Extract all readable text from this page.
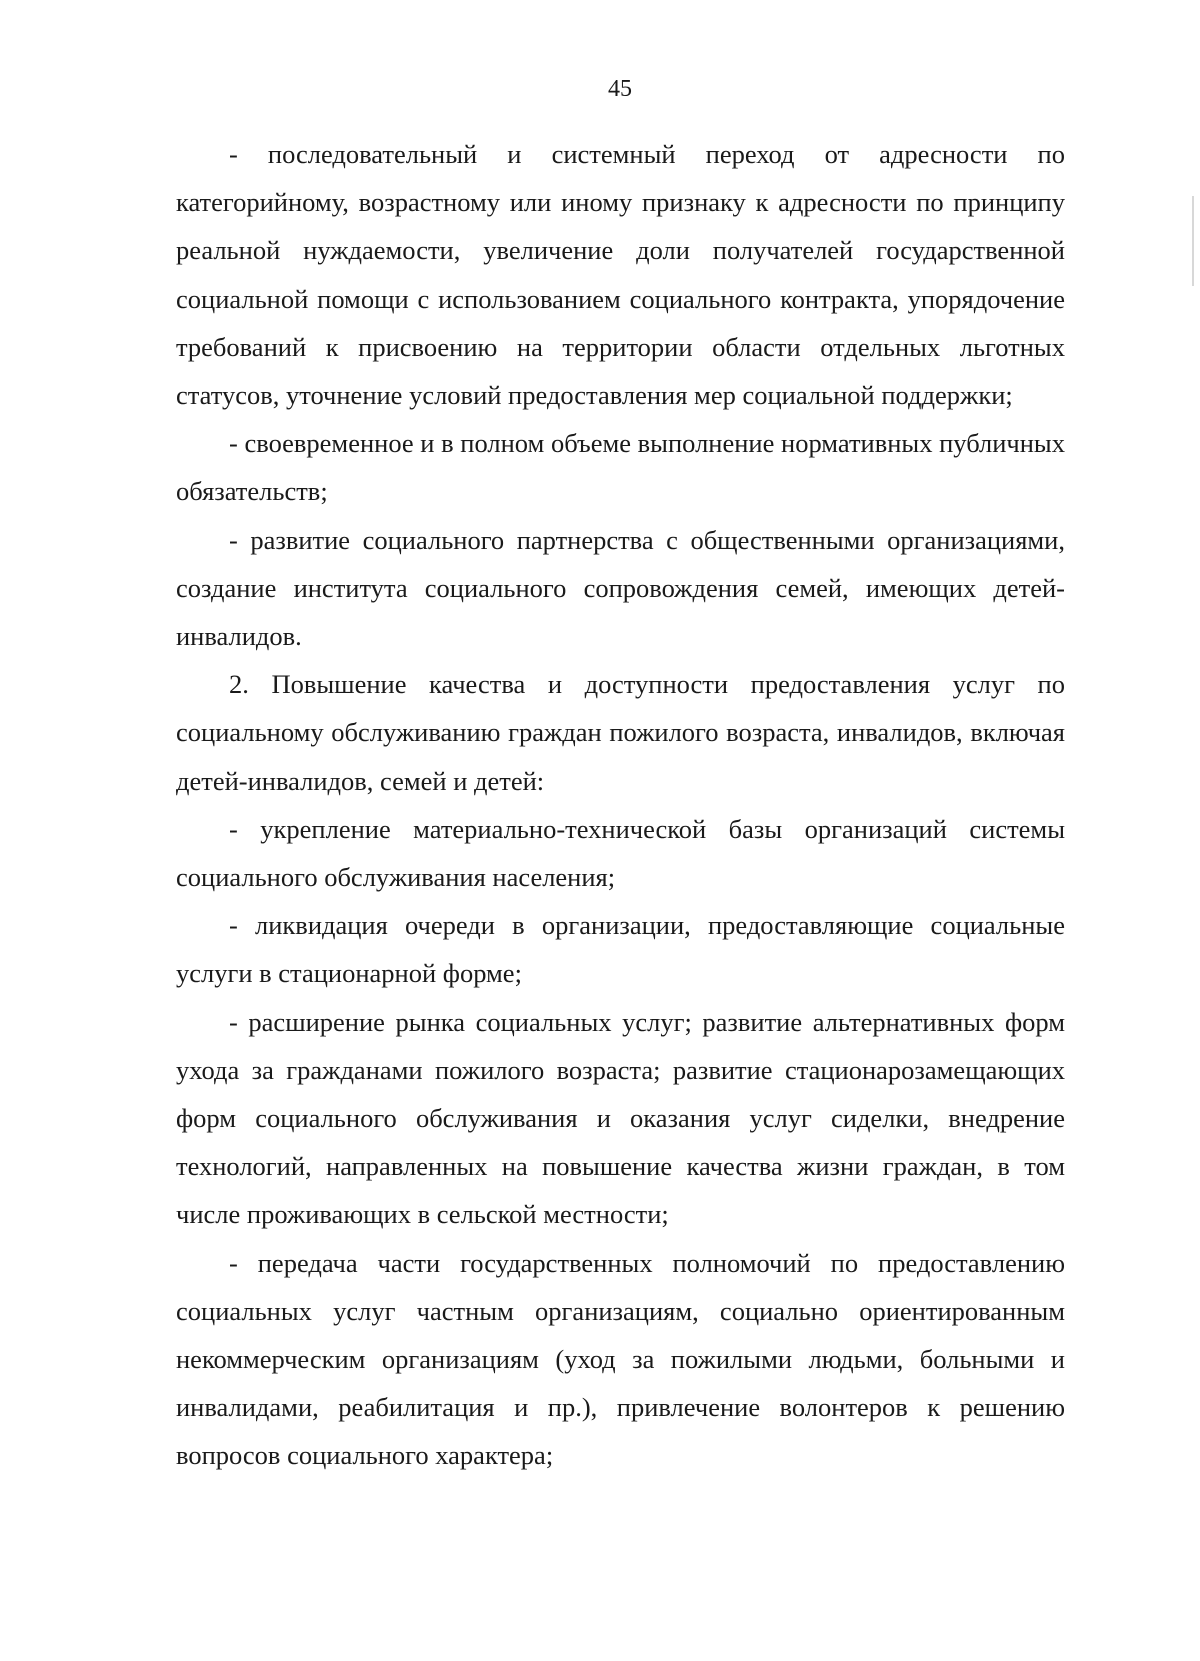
45

- последовательный и системный переход от адресности по категорийному, возрастному или иному признаку к адресности по принципу реальной нуждаемости, увеличение доли получателей государственной социальной помощи с использованием социального контракта, упорядочение требований к присвоению на территории области отдельных льготных статусов, уточнение условий предоставления мер социальной поддержки;

- своевременное и в полном объеме выполнение нормативных публичных обязательств;

- развитие социального партнерства с общественными организациями, создание института социального сопровождения семей, имеющих детей-инвалидов.

2. Повышение качества и доступности предоставления услуг по социальному обслуживанию граждан пожилого возраста, инвалидов, включая детей-инвалидов, семей и детей:

- укрепление материально-технической базы организаций системы социального обслуживания населения;

- ликвидация очереди в организации, предоставляющие социальные услуги в стационарной форме;

- расширение рынка социальных услуг; развитие альтернативных форм ухода за гражданами пожилого возраста; развитие стационарозамещающих форм социального обслуживания и оказания услуг сиделки, внедрение технологий, направленных на повышение качества жизни граждан, в том числе проживающих в сельской местности;

- передача части государственных полномочий по предоставлению социальных услуг частным организациям, социально ориентированным некоммерческим организациям (уход за пожилыми людьми, больными и инвалидами, реабилитация и пр.), привлечение волонтеров к решению вопросов социального характера;
